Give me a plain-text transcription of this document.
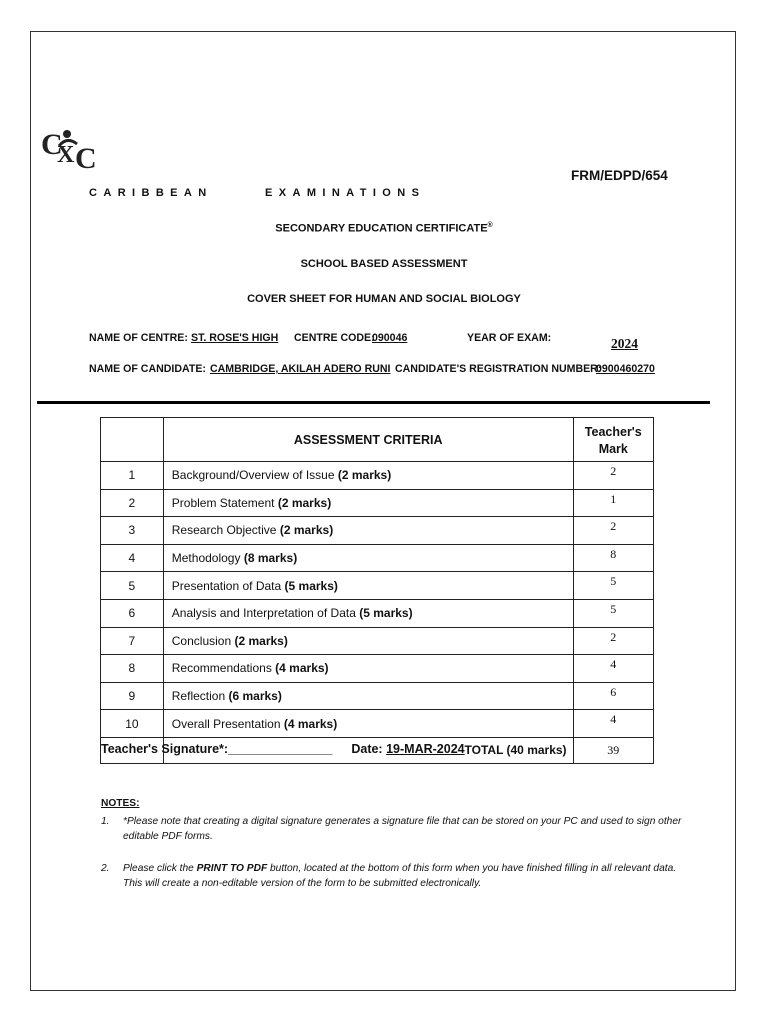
C
X C
FRM/EDPD/654
CARIBBEAN	EXAMINATIONS
SECONDARY EDUCATION CERTIFICATE®
SCHOOL BASED ASSESSMENT
COVER SHEET FOR HUMAN AND SOCIAL BIOLOGY
NAME OF CENTRE: ST. ROSE'S HIGH CENTRE CODE:
090046	YEAR OF EXAM:	2024
NAME OF CANDIDATE: CAMBRIDGE, AKILAH ADERO RUNI CANDIDATE'S REGISTRATION NUMBER:
0900460270
	ASSESSMENT CRITERIA	Teacher's
Mark
1	Background/Overview of Issue (2 marks)	2
2	Problem Statement (2 marks)	1
3	Research Objective (2 marks)	2
4	Methodology (8 marks)	8
5	Presentation of Data (5 marks)	5
6	Analysis and Interpretation of Data (5 marks)	5
7	Conclusion (2 marks)	2
8	Recommendations (4 marks)	4
9	Reflection (6 marks)	6
10	Overall Presentation (4 marks)	4
	TOTAL (40 marks)	39
Teacher's Signature*:_______________ Date: 19-MAR-2024
NOTES:
1. *Please note that creating a digital signature generates a signature file that can be stored on your PC and used to sign other editable PDF forms.
2. Please click the PRINT TO PDF button, located at the bottom of this form when you have finished filling in all relevant data. This will create a non-editable version of the form to be submitted electronically.
